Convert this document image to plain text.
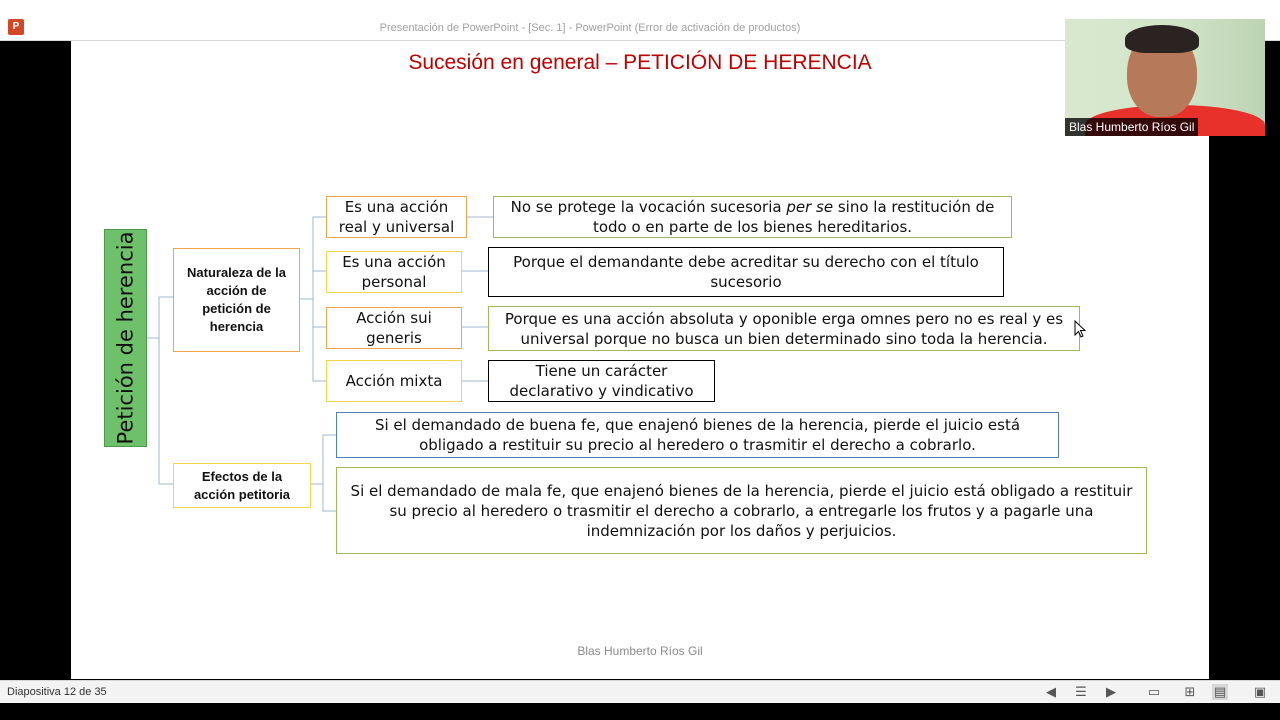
P	Presentación de PowerPoint - [Sec. 1] - PowerPoint (Error de activación de productos)
Sucesión en general – PETICIÓN DE HERENCIA
Petición de herencia	Naturaleza de la acción de petición de herencia
Efectos de la acción petitoria
Es una acción real y universal
No se protege la vocación sucesoria per se sino la restitución de todo o en parte de los bienes hereditarios.
Es una acción personal
Porque el demandante debe acreditar su derecho con el título sucesorio
Acción sui generis
Porque es una acción absoluta y oponible erga omnes pero no es real y es universal porque no busca un bien determinado sino toda la herencia.
Acción mixta
Tiene un carácter declarativo y vindicativo
Si el demandado de buena fe, que enajenó bienes de la herencia, pierde el juicio está obligado a restituir su precio al heredero o trasmitir el derecho a cobrarlo.
Si el demandado de mala fe, que enajenó bienes de la herencia, pierde el juicio está obligado a restituir su precio al heredero o trasmitir el derecho a cobrarlo, a entregarle los frutos y a pagarle una indemnización por los daños y perjuicios.
Blas Humberto Ríos Gil
Blas Humberto Ríos Gil
Diapositiva 12 de 35	◀ ☰ ▶ ▭ ⊞ ▤ ▣
